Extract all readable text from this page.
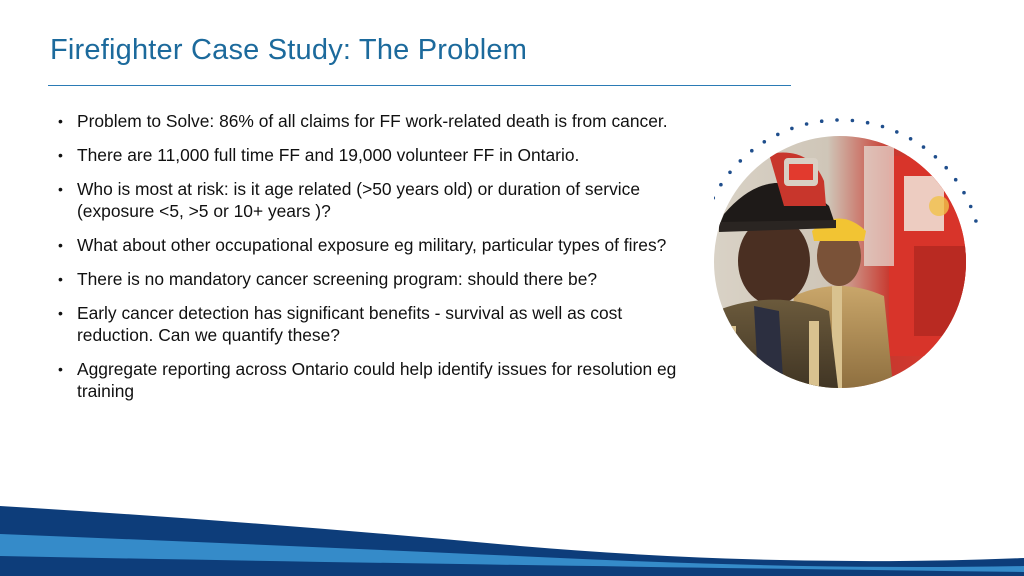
Firefighter Case Study: The Problem
• Problem to Solve: 86% of all claims for FF work-related death is from cancer.
• There are 11,000 full time FF and 19,000 volunteer FF in Ontario.
• Who is most at risk: is it age related (>50 years old) or duration of service (exposure <5, >5 or 10+ years )?
• What about other occupational exposure eg military, particular types of fires?
• There is no mandatory cancer screening program: should there be?
• Early cancer detection has significant benefits - survival as well as cost reduction. Can we quantify these?
• Aggregate reporting across Ontario could help identify issues for resolution eg training
